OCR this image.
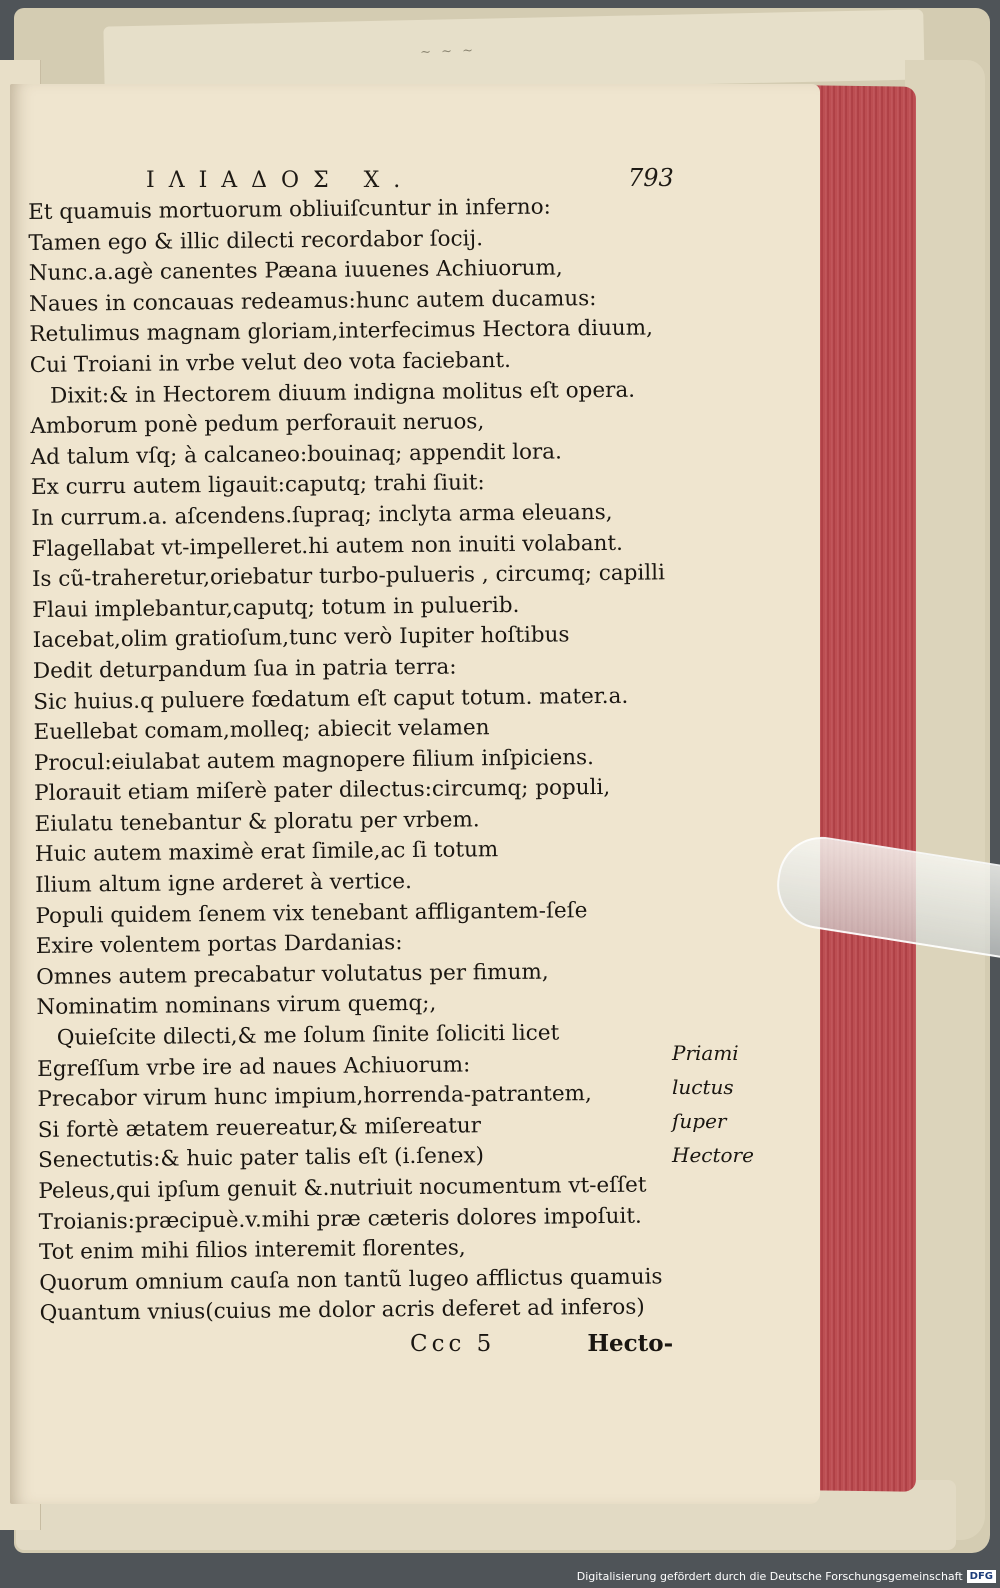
~ ~ ~
ΙΛΙΑΔΟΣ X.	793
Et quamuis mortuorum obliuiſcuntur in inferno:
Tamen ego & illic dilecti recordabor ſocij.
Nunc.a.agè canentes Pæana iuuenes Achiuorum,
Naues in concauas redeamus:hunc autem ducamus:
Retulimus magnam gloriam,interfecimus Hectora diuum,
Cui Troiani in vrbe velut deo vota faciebant.
Dixit:& in Hectorem diuum indigna molitus eſt opera.
Amborum ponè pedum perforauit neruos,
Ad talum vſq; à calcaneo:bouinaq; appendit lora.
Ex curru autem ligauit:caputq; trahi ſiuit:
In currum.a. aſcendens.ſupraq; inclyta arma eleuans,
Flagellabat vt-impelleret.hi autem non inuiti volabant.
Is cũ-traheretur,oriebatur turbo-pulueris , circumq; capilli
Flaui implebantur,caputq; totum in puluerib.
Iacebat,olim gratioſum,tunc verò Iupiter hoſtibus
Dedit deturpandum ſua in patria terra:
Sic huius.q puluere fœdatum eſt caput totum. mater.a.
Euellebat comam,molleq; abiecit velamen
Procul:eiulabat autem magnopere filium inſpiciens.
Plorauit etiam miſerè pater dilectus:circumq; populi,
Eiulatu tenebantur & ploratu per vrbem.
Huic autem maximè erat ſimile,ac ſi totum
Ilium altum igne arderet à vertice.
Populi quidem ſenem vix tenebant affligantem-ſeſe
Exire volentem portas Dardanias:
Omnes autem precabatur volutatus per fimum,
Nominatim nominans virum quemq;,
Quieſcite dilecti,& me ſolum ſinite ſoliciti licet
Egreſſum vrbe ire ad naues Achiuorum:
Precabor virum hunc impium,horrenda-patrantem,
Si fortè ætatem reuereatur,& miſereatur
Senectutis:& huic pater talis eſt (i.ſenex)
Peleus,qui ipſum genuit &.nutriuit nocumentum vt-eſſet
Troianis:præcipuè.v.mihi præ cæteris dolores impoſuit.
Tot enim mihi filios interemit florentes,
Quorum omnium cauſa non tantũ lugeo afflictus quamuis
Quantum vnius(cuius me dolor acris deferet ad inferos)
Priami
luctus
ſuper
Hectore
Ccc 5	Hecto-
Digitalisierung gefördert durch die Deutsche Forschungsgemeinschaft DFG
